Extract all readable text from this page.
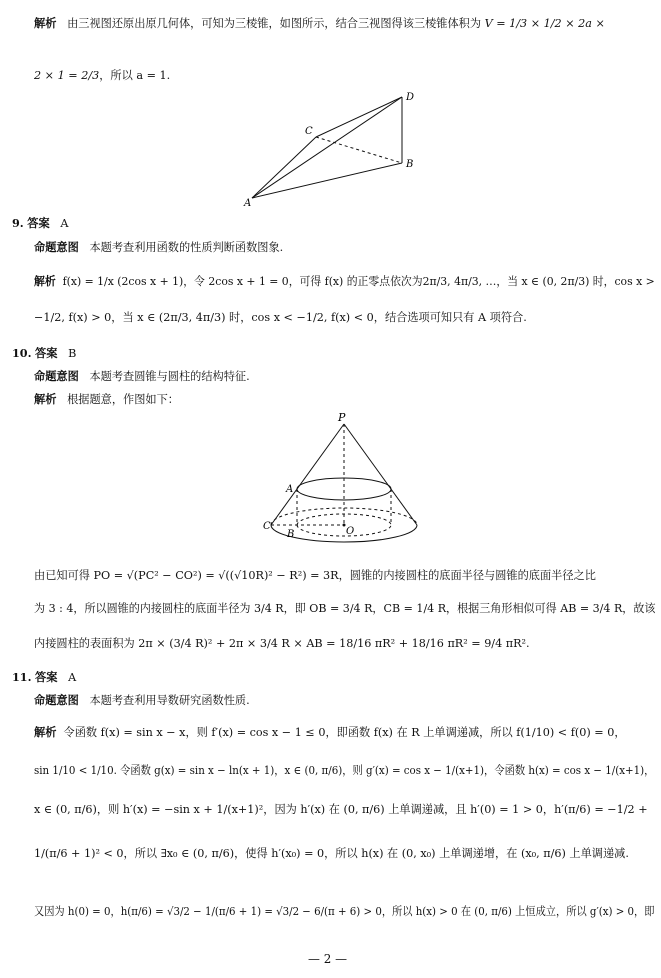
解析 由三视图还原出原几何体，可知为三棱锥，如图所示，结合三视图得该三棱锥体积为 V = 1/3 × 1/2 × 2a ×
2 × 1 = 2/3，所以 a = 1.
D
C
B
A
9. 答案 A
命题意图 本题考查利用函数的性质判断函数图象.
解析 f(x) = 1/x (2cos x + 1)，令 2cos x + 1 = 0，可得 f(x) 的正零点依次为2π/3, 4π/3, …，当 x ∈ (0, 2π/3) 时，cos x >
−1/2, f(x) > 0，当 x ∈ (2π/3, 4π/3) 时，cos x < −1/2, f(x) < 0，结合选项可知只有 A 项符合.
10. 答案 B
命题意图 本题考查圆锥与圆柱的结构特征.
解析 根据题意，作图如下：
P
A
C
B	O
由已知可得 PO = √(PC² − CO²) = √((√10R)² − R²) = 3R，圆锥的内接圆柱的底面半径与圆锥的底面半径之比
为 3 : 4，所以圆锥的内接圆柱的底面半径为 3/4 R，即 OB = 3/4 R，CB = 1/4 R，根据三角形相似可得 AB = 3/4 R，故该
内接圆柱的表面积为 2π × (3/4 R)² + 2π × 3/4 R × AB = 18/16 πR² + 18/16 πR² = 9/4 πR².
11. 答案 A
命题意图 本题考查利用导数研究函数性质.
解析 令函数 f(x) = sin x − x，则 f′(x) = cos x − 1 ≤ 0，即函数 f(x) 在 R 上单调递减，所以 f(1/10) < f(0) = 0，
sin 1/10 < 1/10. 令函数 g(x) = sin x − ln(x + 1)，x ∈ (0, π/6)，则 g′(x) = cos x − 1/(x+1)，令函数 h(x) = cos x − 1/(x+1)，
x ∈ (0, π/6)，则 h′(x) = −sin x + 1/(x+1)²，因为 h′(x) 在 (0, π/6) 上单调递减，且 h′(0) = 1 > 0，h′(π/6) = −1/2 +
1/(π/6 + 1)² < 0，所以 ∃x₀ ∈ (0, π/6)，使得 h′(x₀) = 0，所以 h(x) 在 (0, x₀) 上单调递增，在 (x₀, π/6) 上单调递减.
又因为 h(0) = 0，h(π/6) = √3/2 − 1/(π/6 + 1) = √3/2 − 6/(π + 6) > 0，所以 h(x) > 0 在 (0, π/6) 上恒成立，所以 g′(x) > 0，即
— 2 —
